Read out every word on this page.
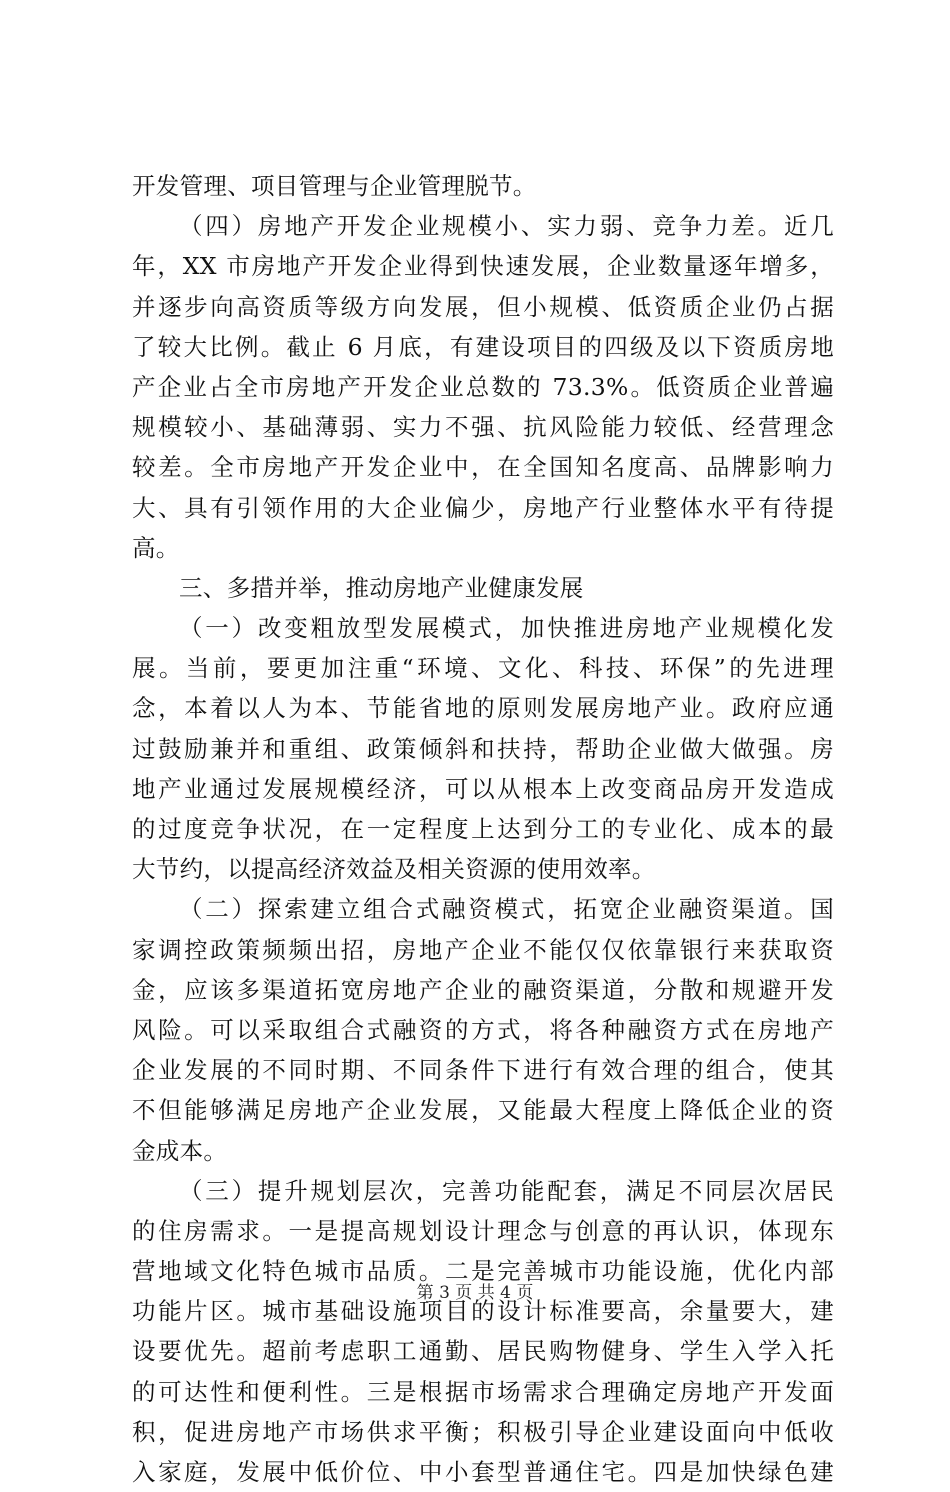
开发管理、项目管理与企业管理脱节。
（四）房地产开发企业规模小、实力弱、竞争力差。近几
年，XX 市房地产开发企业得到快速发展，企业数量逐年增多，
并逐步向高资质等级方向发展，但小规模、低资质企业仍占据
了较大比例。截止 6 月底，有建设项目的四级及以下资质房地
产企业占全市房地产开发企业总数的 73.3%。低资质企业普遍
规模较小、基础薄弱、实力不强、抗风险能力较低、经营理念
较差。全市房地产开发企业中，在全国知名度高、品牌影响力
大、具有引领作用的大企业偏少，房地产行业整体水平有待提
高。
三、多措并举，推动房地产业健康发展
（一）改变粗放型发展模式，加快推进房地产业规模化发
展。当前，要更加注重“环境、文化、科技、环保”的先进理
念，本着以人为本、节能省地的原则发展房地产业。政府应通
过鼓励兼并和重组、政策倾斜和扶持，帮助企业做大做强。房
地产业通过发展规模经济，可以从根本上改变商品房开发造成
的过度竞争状况，在一定程度上达到分工的专业化、成本的最
大节约，以提高经济效益及相关资源的使用效率。
（二）探索建立组合式融资模式，拓宽企业融资渠道。国
家调控政策频频出招，房地产企业不能仅仅依靠银行来获取资
金，应该多渠道拓宽房地产企业的融资渠道，分散和规避开发
风险。可以采取组合式融资的方式，将各种融资方式在房地产
企业发展的不同时期、不同条件下进行有效合理的组合，使其
不但能够满足房地产企业发展，又能最大程度上降低企业的资
金成本。
（三）提升规划层次，完善功能配套，满足不同层次居民
的住房需求。一是提高规划设计理念与创意的再认识，体现东
营地域文化特色城市品质。二是完善城市功能设施，优化内部
功能片区。城市基础设施项目的设计标准要高，余量要大，建
设要优先。超前考虑职工通勤、居民购物健身、学生入学入托
的可达性和便利性。三是根据市场需求合理确定房地产开发面
积，促进房地产市场供求平衡；积极引导企业建设面向中低收
入家庭，发展中低价位、中小套型普通住宅。四是加快绿色建
第 3 页 共 4 页
